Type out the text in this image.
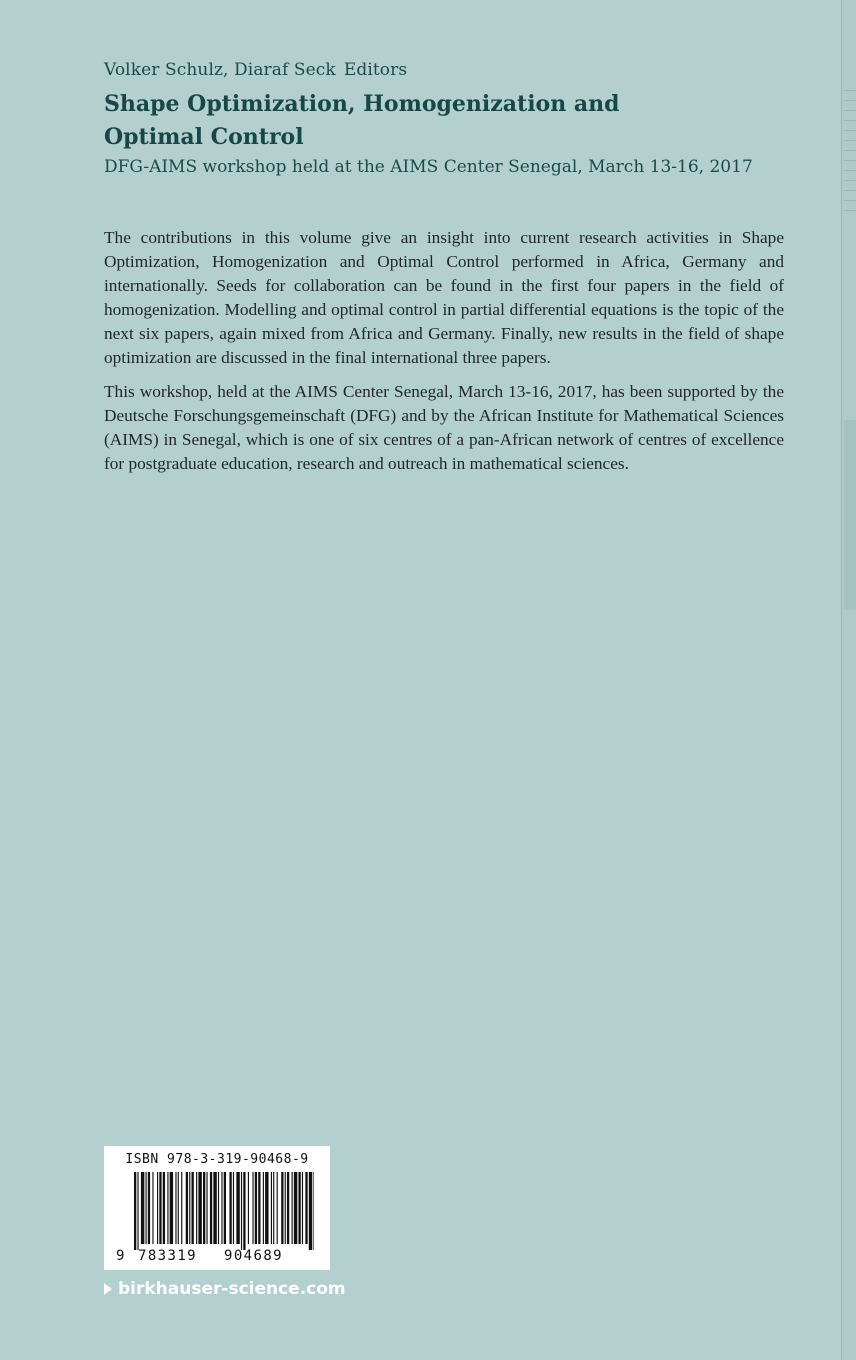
Volker Schulz, Diaraf Seck Editors
Shape Optimization, Homogenization and Optimal Control
DFG-AIMS workshop held at the AIMS Center Senegal, March 13-16, 2017

The contributions in this volume give an insight into current research activities in Shape Optimization, Homogenization and Optimal Control performed in Africa, Germany and internationally. Seeds for collaboration can be found in the first four papers in the field of homogenization. Modelling and optimal control in partial differential equations is the topic of the next six papers, again mixed from Africa and Germany. Finally, new results in the field of shape optimization are discussed in the final international three papers.

This workshop, held at the AIMS Center Senegal, March 13-16, 2017, has been supported by the Deutsche Forschungsgemeinschaft (DFG) and by the African Institute for Mathematical Sciences (AIMS) in Senegal, which is one of six centres of a pan-African network of centres of excellence for postgraduate education, research and outreach in mathematical sciences.

ISBN 978-3-319-90468-9
9 783319 904689
birkhauser-science.com
